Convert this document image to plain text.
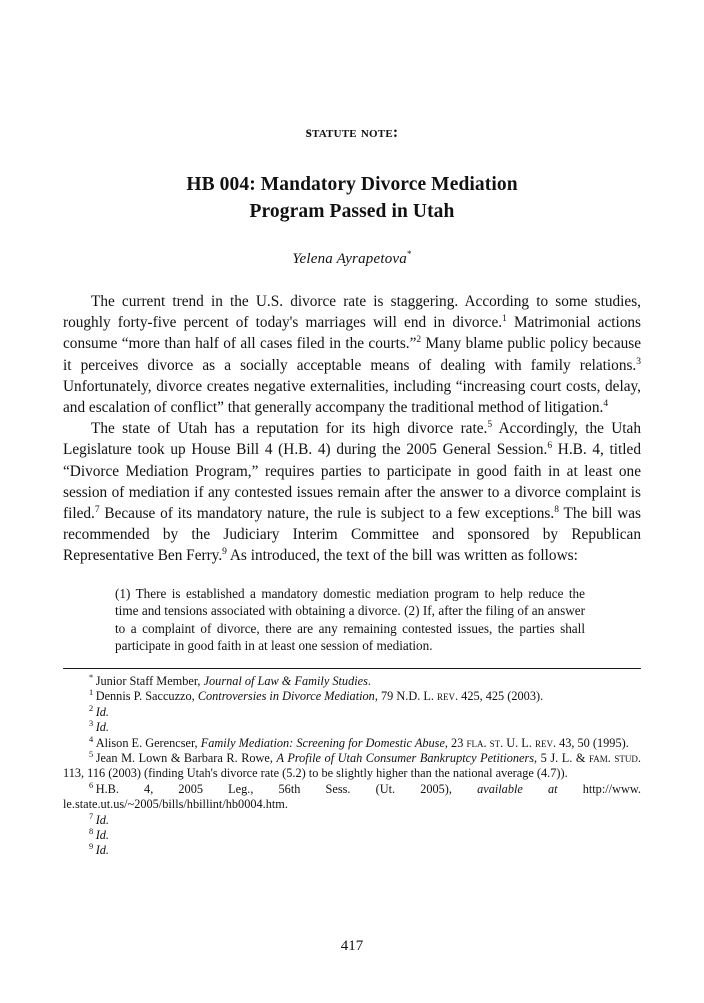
statute note:
HB 004: Mandatory Divorce Mediation
Program Passed in Utah

Yelena Ayrapetova*

The current trend in the U.S. divorce rate is staggering. According to some studies, roughly forty-five percent of today's marriages will end in divorce.$^1$ Matrimonial actions consume “more than half of all cases filed in the courts.”$^2$ Many blame public policy because it perceives divorce as a socially acceptable means of dealing with family relations.$^3$ Unfortunately, divorce creates negative externalities, including “increasing court costs, delay, and escalation of conflict” that generally accompany the traditional method of litigation.$^4$

The state of Utah has a reputation for its high divorce rate.$^5$ Accordingly, the Utah Legislature took up House Bill 4 (H.B. 4) during the 2005 General Session.$^6$ H.B. 4, titled “Divorce Mediation Program,” requires parties to participate in good faith in at least one session of mediation if any contested issues remain after the answer to a divorce complaint is filed.$^7$ Because of its mandatory nature, the rule is subject to a few exceptions.$^8$ The bill was recommended by the Judiciary Interim Committee and sponsored by Republican Representative Ben Ferry.$^9$ As introduced, the text of the bill was written as follows:

(1) There is established a mandatory domestic mediation program to help reduce the time and tensions associated with obtaining a divorce. (2) If, after the filing of an answer to a complaint of divorce, there are any remaining contested issues, the parties shall participate in good faith in at least one session of mediation.

* Junior Staff Member, Journal of Law & Family Studies.

$^1$ Dennis P. Saccuzzo, Controversies in Divorce Mediation, 79 N.D. L. rev. 425, 425 (2003).

$^2$ Id.

$^3$ Id.

$^4$ Alison E. Gerencser, Family Mediation: Screening for Domestic Abuse, 23 fla. st. U. L. rev. 43, 50 (1995).

$^5$ Jean M. Lown & Barbara R. Rowe, A Profile of Utah Consumer Bankruptcy Petitioners, 5 J. L. & fam. stud. 113, 116 (2003) (finding Utah's divorce rate (5.2) to be slightly higher than the national average (4.7)).

$^6$ H.B. 4, 2005 Leg., 56th Sess. (Ut. 2005), available at http://www. le.state.ut.us/~2005/bills/hbillint/hb0004.htm.

$^7$ Id.

$^8$ Id.

$^9$ Id.

417
